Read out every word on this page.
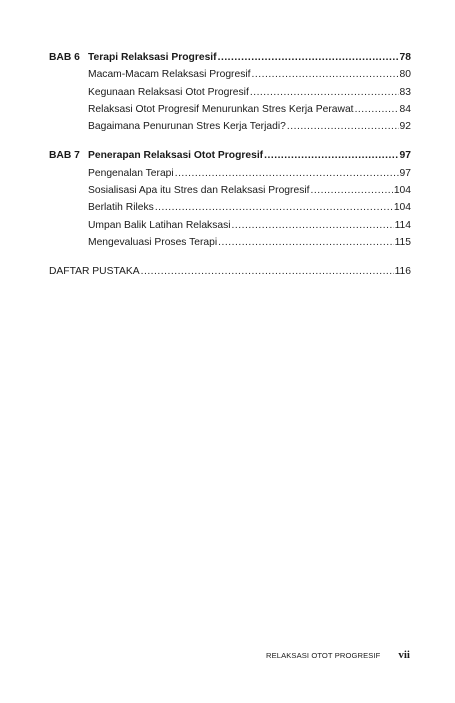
BAB 6 Terapi Relaksasi Progresif .....	78
Macam-Macam Relaksasi Progresif .....	80
Kegunaan Relaksasi Otot Progresif .....	83
Relaksasi Otot Progresif Menurunkan Stres Kerja Perawat .....	84
Bagaimana Penurunan Stres Kerja Terjadi? .....	92
BAB 7 Penerapan Relaksasi Otot Progresif .....	97
Pengenalan Terapi .....	97
Sosialisasi Apa itu Stres dan Relaksasi Progresif .....	104
Berlatih Rileks .....	104
Umpan Balik Latihan Relaksasi .....	114
Mengevaluasi Proses Terapi .....	115
DAFTAR PUSTAKA .....	116
RELAKSASI OTOT PROGRESIF vii
